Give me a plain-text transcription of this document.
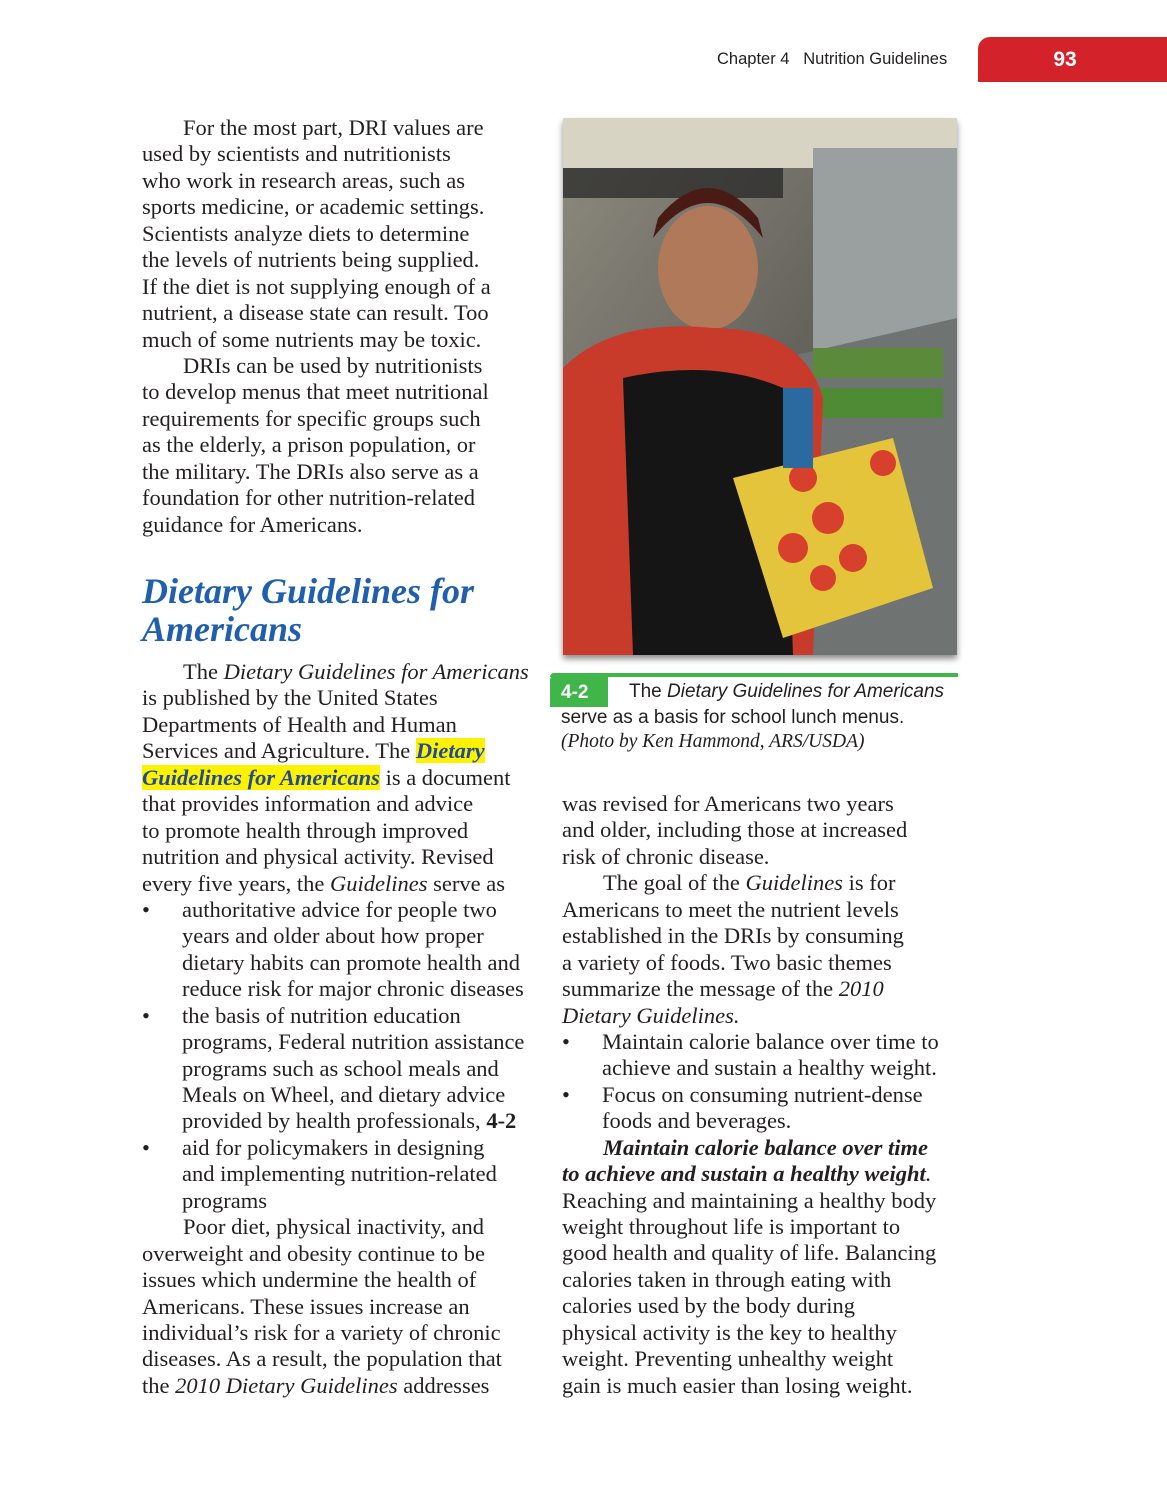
Chapter 4 Nutrition Guidelines	93
For the most part, DRI values are
used by scientists and nutritionists
who work in research areas, such as
sports medicine, or academic settings.
Scientists analyze diets to determine
the levels of nutrients being supplied.
If the diet is not supplying enough of a
nutrient, a disease state can result. Too
much of some nutrients may be toxic.
DRIs can be used by nutritionists
to develop menus that meet nutritional
requirements for specific groups such
as the elderly, a prison population, or
the military. The DRIs also serve as a
foundation for other nutrition-related
guidance for Americans.
Dietary Guidelines for
Americans
The Dietary Guidelines for Americans
is published by the United States
Departments of Health and Human
Services and Agriculture. The Dietary
Guidelines for Americans is a document
that provides information and advice
to promote health through improved
nutrition and physical activity. Revised
every five years, the Guidelines serve as
• authoritative advice for people two
years and older about how proper
dietary habits can promote health and
reduce risk for major chronic diseases
• the basis of nutrition education
programs, Federal nutrition assistance
programs such as school meals and
Meals on Wheel, and dietary advice
provided by health professionals, 4-2
• aid for policymakers in designing
and implementing nutrition-related
programs
Poor diet, physical inactivity, and
overweight and obesity continue to be
issues which undermine the health of
Americans. These issues increase an
individual’s risk for a variety of chronic
diseases. As a result, the population that
the 2010 Dietary Guidelines addresses
4-2	The Dietary Guidelines for Americans
serve as a basis for school lunch menus.
(Photo by Ken Hammond, ARS/USDA)
was revised for Americans two years
and older, including those at increased
risk of chronic disease.
The goal of the Guidelines is for
Americans to meet the nutrient levels
established in the DRIs by consuming
a variety of foods. Two basic themes
summarize the message of the 2010
Dietary Guidelines.
• Maintain calorie balance over time to
achieve and sustain a healthy weight.
• Focus on consuming nutrient-dense
foods and beverages.
Maintain calorie balance over time
to achieve and sustain a healthy weight.
Reaching and maintaining a healthy body
weight throughout life is important to
good health and quality of life. Balancing
calories taken in through eating with
calories used by the body during
physical activity is the key to healthy
weight. Preventing unhealthy weight
gain is much easier than losing weight.
